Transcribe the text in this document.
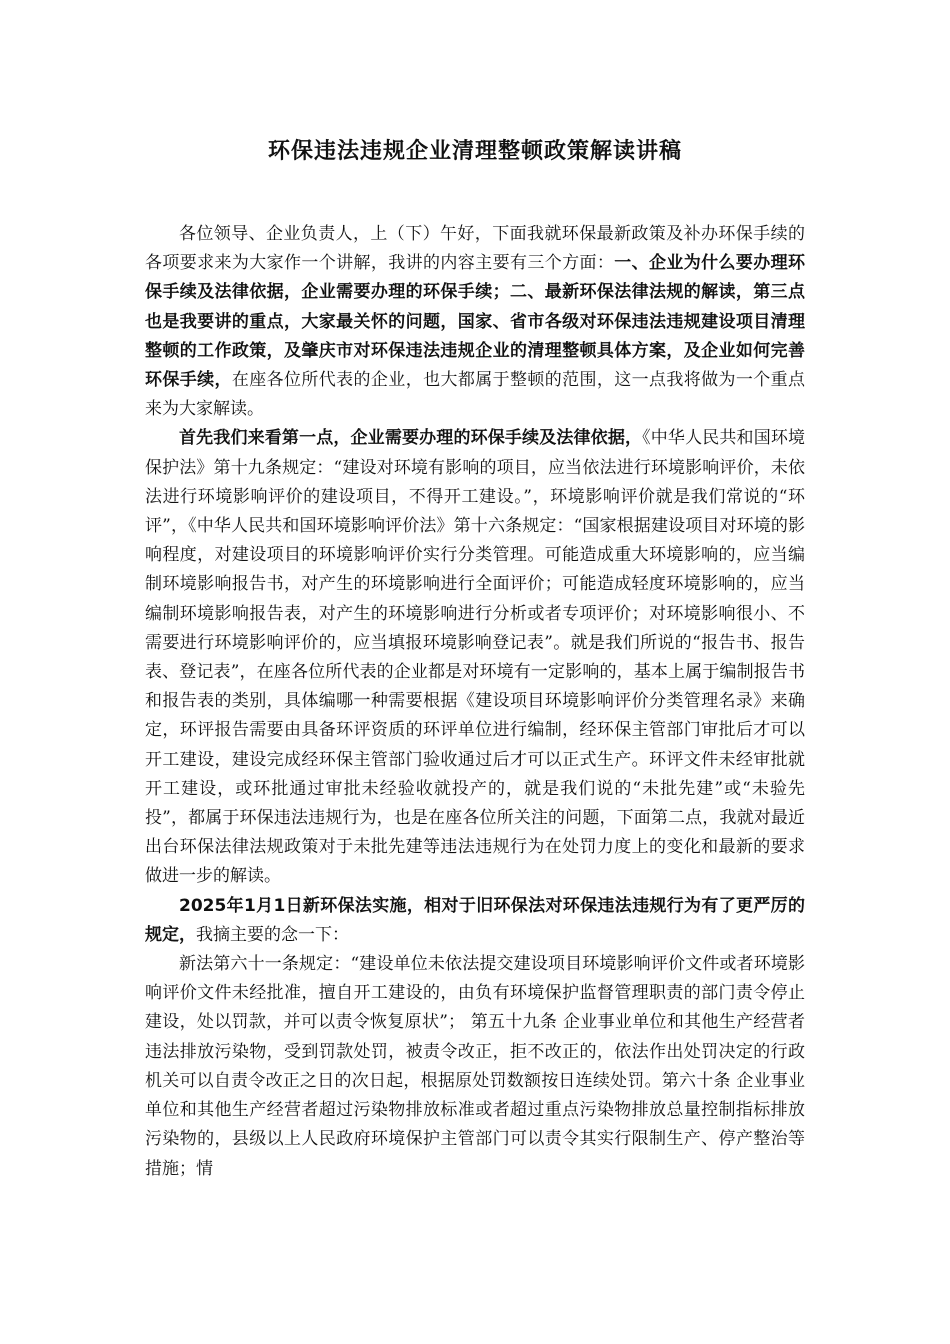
环保违法违规企业清理整顿政策解读讲稿

各位领导、企业负责人，上（下）午好，下面我就环保最新政策及补办环保手续的各项要求来为大家作一个讲解，我讲的内容主要有三个方面：一、企业为什么要办理环保手续及法律依据，企业需要办理的环保手续；二、最新环保法律法规的解读，第三点也是我要讲的重点，大家最关怀的问题，国家、省市各级对环保违法违规建设项目清理整顿的工作政策，及肇庆市对环保违法违规企业的清理整顿具体方案，及企业如何完善环保手续，在座各位所代表的企业，也大都属于整顿的范围，这一点我将做为一个重点来为大家解读。

首先我们来看第一点，企业需要办理的环保手续及法律依据，《中华人民共和国环境保护法》第十九条规定：“建设对环境有影响的项目，应当依法进行环境影响评价，未依法进行环境影响评价的建设项目，不得开工建设。”，环境影响评价就是我们常说的“环评”，《中华人民共和国环境影响评价法》第十六条规定：“国家根据建设项目对环境的影响程度，对建设项目的环境影响评价实行分类管理。可能造成重大环境影响的，应当编制环境影响报告书，对产生的环境影响进行全面评价；可能造成轻度环境影响的，应当编制环境影响报告表，对产生的环境影响进行分析或者专项评价；对环境影响很小、不需要进行环境影响评价的，应当填报环境影响登记表”。就是我们所说的“报告书、报告表、登记表”，在座各位所代表的企业都是对环境有一定影响的，基本上属于编制报告书和报告表的类别，具体编哪一种需要根据《建设项目环境影响评价分类管理名录》来确定，环评报告需要由具备环评资质的环评单位进行编制，经环保主管部门审批后才可以开工建设，建设完成经环保主管部门验收通过后才可以正式生产。环评文件未经审批就开工建设，或环批通过审批未经验收就投产的，就是我们说的“未批先建”或“未验先投”，都属于环保违法违规行为，也是在座各位所关注的问题，下面第二点，我就对最近出台环保法律法规政策对于未批先建等违法违规行为在处罚力度上的变化和最新的要求做进一步的解读。

2025年1月1日新环保法实施，相对于旧环保法对环保违法违规行为有了更严厉的规定，我摘主要的念一下：

新法第六十一条规定：“建设单位未依法提交建设项目环境影响评价文件或者环境影响评价文件未经批准，擅自开工建设的，由负有环境保护监督管理职责的部门责令停止建设，处以罚款，并可以责令恢复原状”； 第五十九条 企业事业单位和其他生产经营者违法排放污染物，受到罚款处罚，被责令改正，拒不改正的，依法作出处罚决定的行政机关可以自责令改正之日的次日起，根据原处罚数额按日连续处罚。第六十条 企业事业单位和其他生产经营者超过污染物排放标准或者超过重点污染物排放总量控制指标排放污染物的，县级以上人民政府环境保护主管部门可以责令其实行限制生产、停产整治等措施；情
